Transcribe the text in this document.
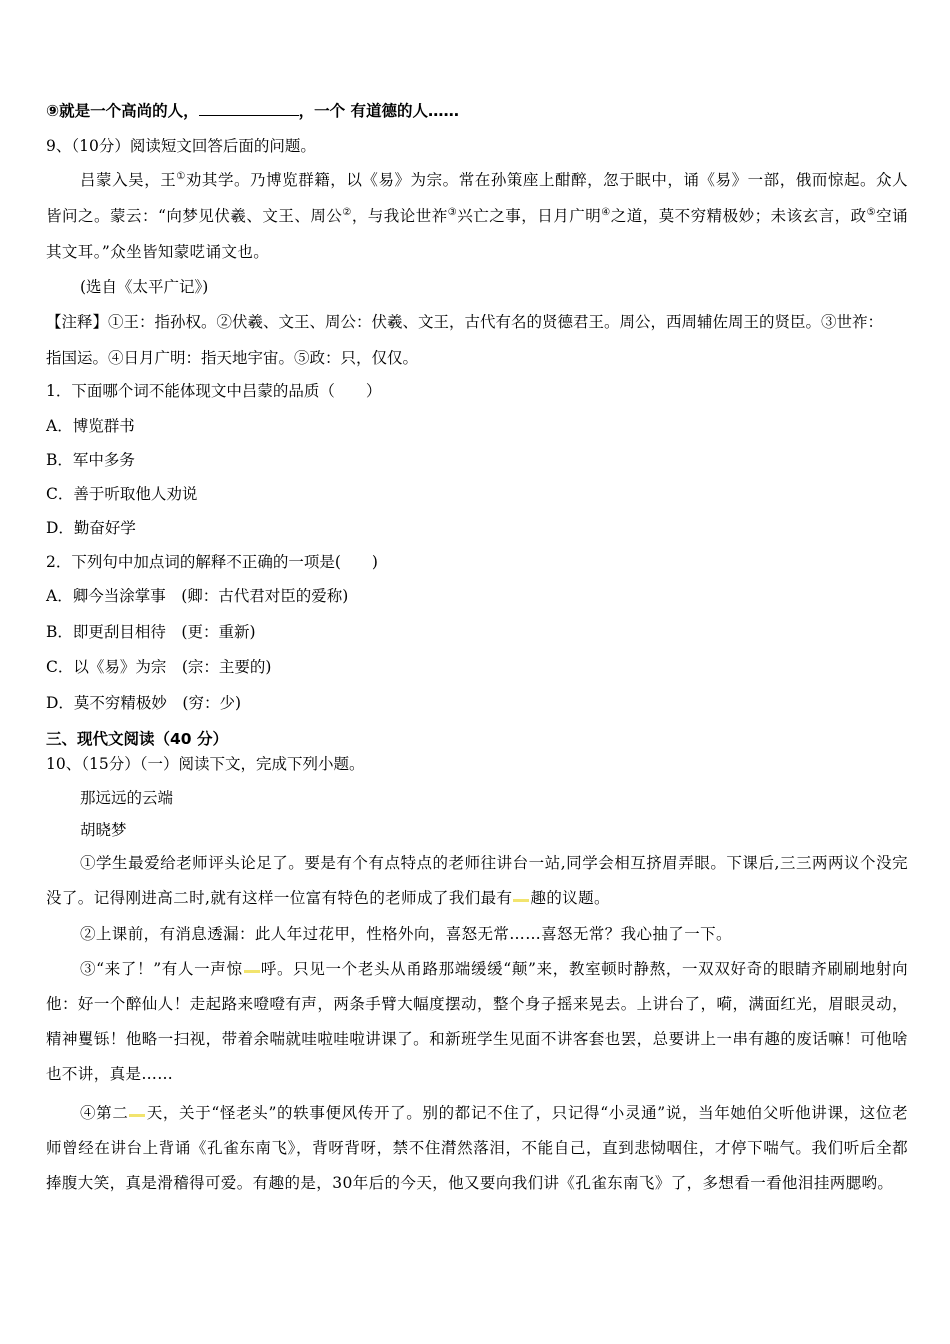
⑨就是一个高尚的人，	，一个 有道德的人……
9、（10分）阅读短文回答后面的问题。
吕蒙入吴，王①劝其学。乃博览群籍，以《易》为宗。常在孙策座上酣醉，忽于眠中，诵《易》一部，俄而惊起。众人皆问之。蒙云：“向梦见伏羲、文王、周公②，与我论世祚③兴亡之事，日月广明④之道，莫不穷精极妙；未该玄言，政⑤空诵其文耳。”众坐皆知蒙呓诵文也。
(选自《太平广记》)
【注释】①王：指孙权。②伏羲、文王、周公：伏羲、文王，古代有名的贤德君王。周公，西周辅佐周王的贤臣。③世祚：
指国运。④日月广明：指天地宇宙。⑤政：只，仅仅。
1．下面哪个词不能体现文中吕蒙的品质（　　）
A．博览群书
B．军中多务
C．善于听取他人劝说
D．勤奋好学
2．下列句中加点词的解释不正确的一项是(　　)
A．卿今当涂掌事　(卿：古代君对臣的爱称)
B．即更刮目相待　(更：重新)
C．以《易》为宗　(宗：主要的)
D．莫不穷精极妙　(穷：少)
三、现代文阅读（40 分）
10、（15分）（一）阅读下文，完成下列小题。
那远远的云端
胡晓梦
①学生最爱给老师评头论足了。要是有个有点特点的老师往讲台一站,同学会相互挤眉弄眼。下课后,三三两两议个没完没了。记得刚进高二时,就有这样一位富有特色的老师成了我们最有 趣的议题。
②上课前，有消息透漏：此人年过花甲，性格外向，喜怒无常……喜怒无常？我心抽了一下。
③“来了！”有人一声惊 呼。只见一个老头从甬路那端缓缓“颠”来，教室顿时静熬，一双双好奇的眼睛齐刷刷地射向他：好一个醉仙人！走起路来噔噔有声，两条手臂大幅度摆动，整个身子摇来晃去。上讲台了，嗬，满面红光，眉眼灵动，精神矍铄！他略一扫视，带着余喘就哇啦哇啦讲课了。和新班学生见面不讲客套也罢，总要讲上一串有趣的废话嘛！可他啥也不讲，真是……
④第二 天，关于“怪老头”的轶事便风传开了。别的都记不住了，只记得“小灵通”说，当年她伯父听他讲课，这位老师曾经在讲台上背诵《孔雀东南飞》，背呀背呀，禁不住潸然落泪，不能自己，直到悲恸咽住，才停下喘气。我们听后全都捧腹大笑，真是滑稽得可爱。有趣的是，30年后的今天，他又要向我们讲《孔雀东南飞》了，多想看一看他泪挂两腮哟。
